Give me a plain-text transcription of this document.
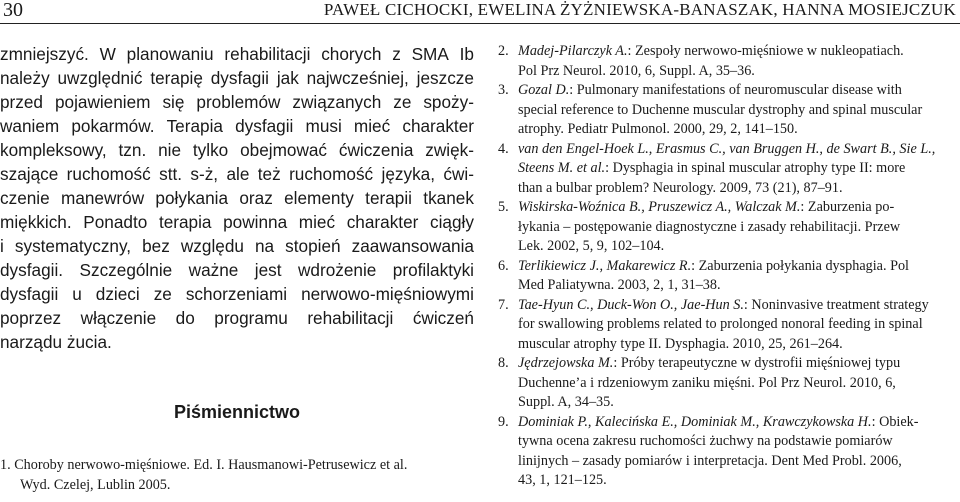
30	PAWEŁ CICHOCKI, EWELINA ŻYŻNIEWSKA-BANASZAK, HANNA MOSIEJCZUK
zmniejszyć. W planowaniu rehabilitacji chorych z SMA Ib
należy uwzględnić terapię dysfagii jak najwcześniej, jeszcze
przed pojawieniem się problemów związanych ze spoży-
waniem pokarmów. Terapia dysfagii musi mieć charakter
kompleksowy, tzn. nie tylko obejmować ćwiczenia zwięk-
szające ruchomość stt. s-ż, ale też ruchomość języka, ćwi-
czenie manewrów połykania oraz elementy terapii tkanek
miękkich. Ponadto terapia powinna mieć charakter ciągły
i systematyczny, bez względu na stopień zaawansowania
dysfagii. Szczególnie ważne jest wdrożenie profilaktyki
dysfagii u dzieci ze schorzeniami nerwowo-mięśniowymi
poprzez włączenie do programu rehabilitacji ćwiczeń
narządu żucia.
Piśmiennictwo
1. Choroby nerwowo-mięśniowe. Ed. I. Hausmanowi-Petrusewicz et al.
Wyd. Czelej, Lublin 2005.
2. Madej-Pilarczyk A.: Zespoły nerwowo-mięśniowe w nukleopatiach.
Pol Prz Neurol. 2010, 6, Suppl. A, 35–36.
3. Gozal D.: Pulmonary manifestations of neuromuscular disease with
special reference to Duchenne muscular dystrophy and spinal muscular
atrophy. Pediatr Pulmonol. 2000, 29, 2, 141–150.
4. van den Engel-Hoek L., Erasmus C., van Bruggen H., de Swart B., Sie L.,
Steens M. et al.: Dysphagia in spinal muscular atrophy type II: more
than a bulbar problem? Neurology. 2009, 73 (21), 87–91.
5. Wiskirska-Woźnica B., Pruszewicz A., Walczak M.: Zaburzenia po-
łykania – postępowanie diagnostyczne i zasady rehabilitacji. Przew
Lek. 2002, 5, 9, 102–104.
6. Terlikiewicz J., Makarewicz R.: Zaburzenia połykania dysphagia. Pol
Med Paliatywna. 2003, 2, 1, 31–38.
7. Tae-Hyun C., Duck-Won O., Jae-Hun S.: Noninvasive treatment strategy
for swallowing problems related to prolonged nonoral feeding in spinal
muscular atrophy type II. Dysphagia. 2010, 25, 261–264.
8. Jędrzejowska M.: Próby terapeutyczne w dystrofii mięśniowej typu
Duchenne’a i rdzeniowym zaniku mięśni. Pol Prz Neurol. 2010, 6,
Suppl. A, 34–35.
9. Dominiak P., Kalecińska E., Dominiak M., Krawczykowska H.: Obiek-
tywna ocena zakresu ruchomości żuchwy na podstawie pomiarów
linijnych – zasady pomiarów i interpretacja. Dent Med Probl. 2006,
43, 1, 121–125.
